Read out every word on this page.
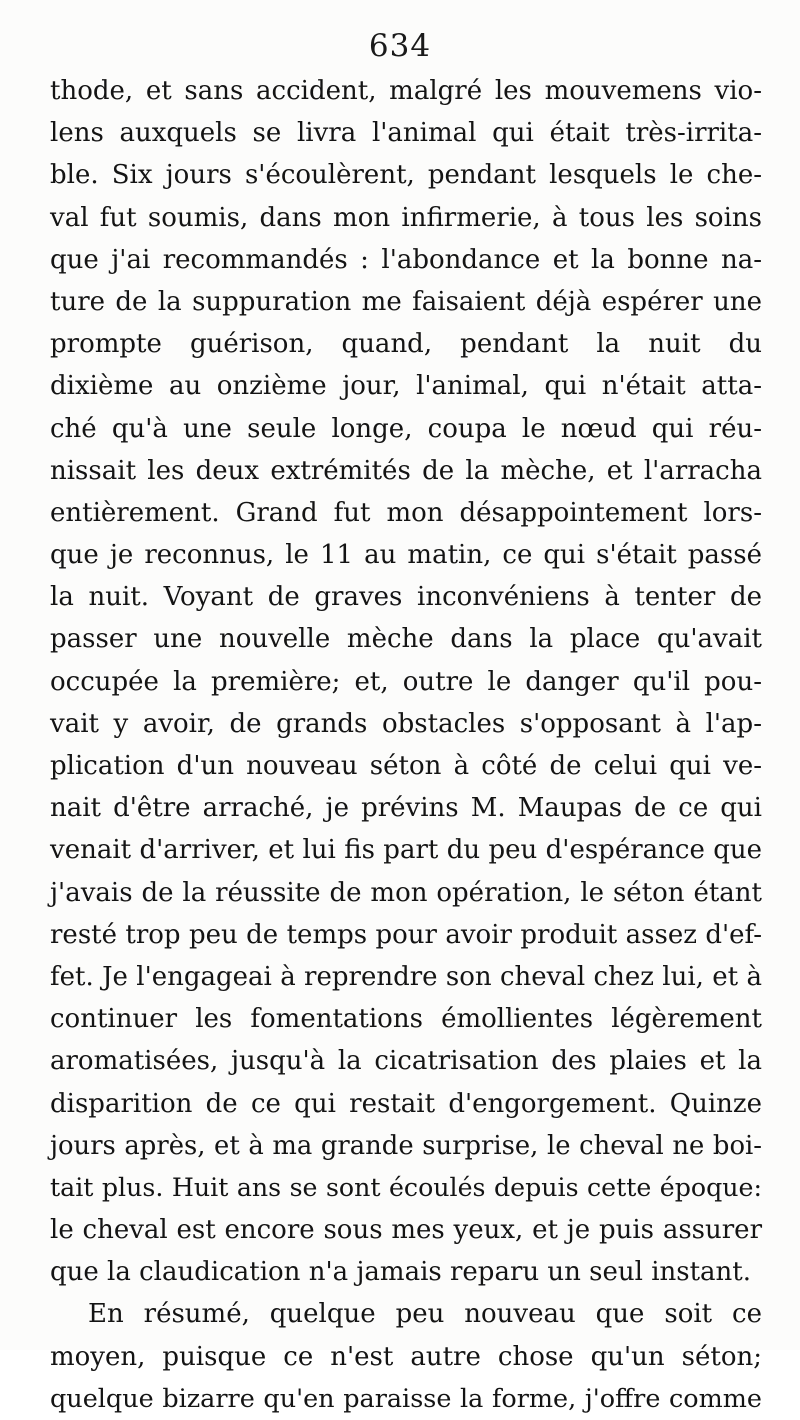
634
thode, et sans accident, malgré les mouvemens vio-
lens auxquels se livra l'animal qui était très-irrita-
ble. Six jours s'écoulèrent, pendant lesquels le che-
val fut soumis, dans mon infirmerie, à tous les soins
que j'ai recommandés : l'abondance et la bonne na-
ture de la suppuration me faisaient déjà espérer une
prompte guérison, quand, pendant la nuit du
dixième au onzième jour, l'animal, qui n'était atta-
ché qu'à une seule longe, coupa le nœud qui réu-
nissait les deux extrémités de la mèche, et l'arracha
entièrement. Grand fut mon désappointement lors-
que je reconnus, le 11 au matin, ce qui s'était passé
la nuit. Voyant de graves inconvéniens à tenter de
passer une nouvelle mèche dans la place qu'avait
occupée la première; et, outre le danger qu'il pou-
vait y avoir, de grands obstacles s'opposant à l'ap-
plication d'un nouveau séton à côté de celui qui ve-
nait d'être arraché, je prévins M. Maupas de ce qui
venait d'arriver, et lui fis part du peu d'espérance que
j'avais de la réussite de mon opération, le séton étant
resté trop peu de temps pour avoir produit assez d'ef-
fet. Je l'engageai à reprendre son cheval chez lui, et à
continuer les fomentations émollientes légèrement
aromatisées, jusqu'à la cicatrisation des plaies et la
disparition de ce qui restait d'engorgement. Quinze
jours après, et à ma grande surprise, le cheval ne boi-
tait plus. Huit ans se sont écoulés depuis cette époque:
le cheval est encore sous mes yeux, et je puis assurer
que la claudication n'a jamais reparu un seul instant.
En résumé, quelque peu nouveau que soit ce
moyen, puisque ce n'est autre chose qu'un séton;
quelque bizarre qu'en paraisse la forme, j'offre comme
